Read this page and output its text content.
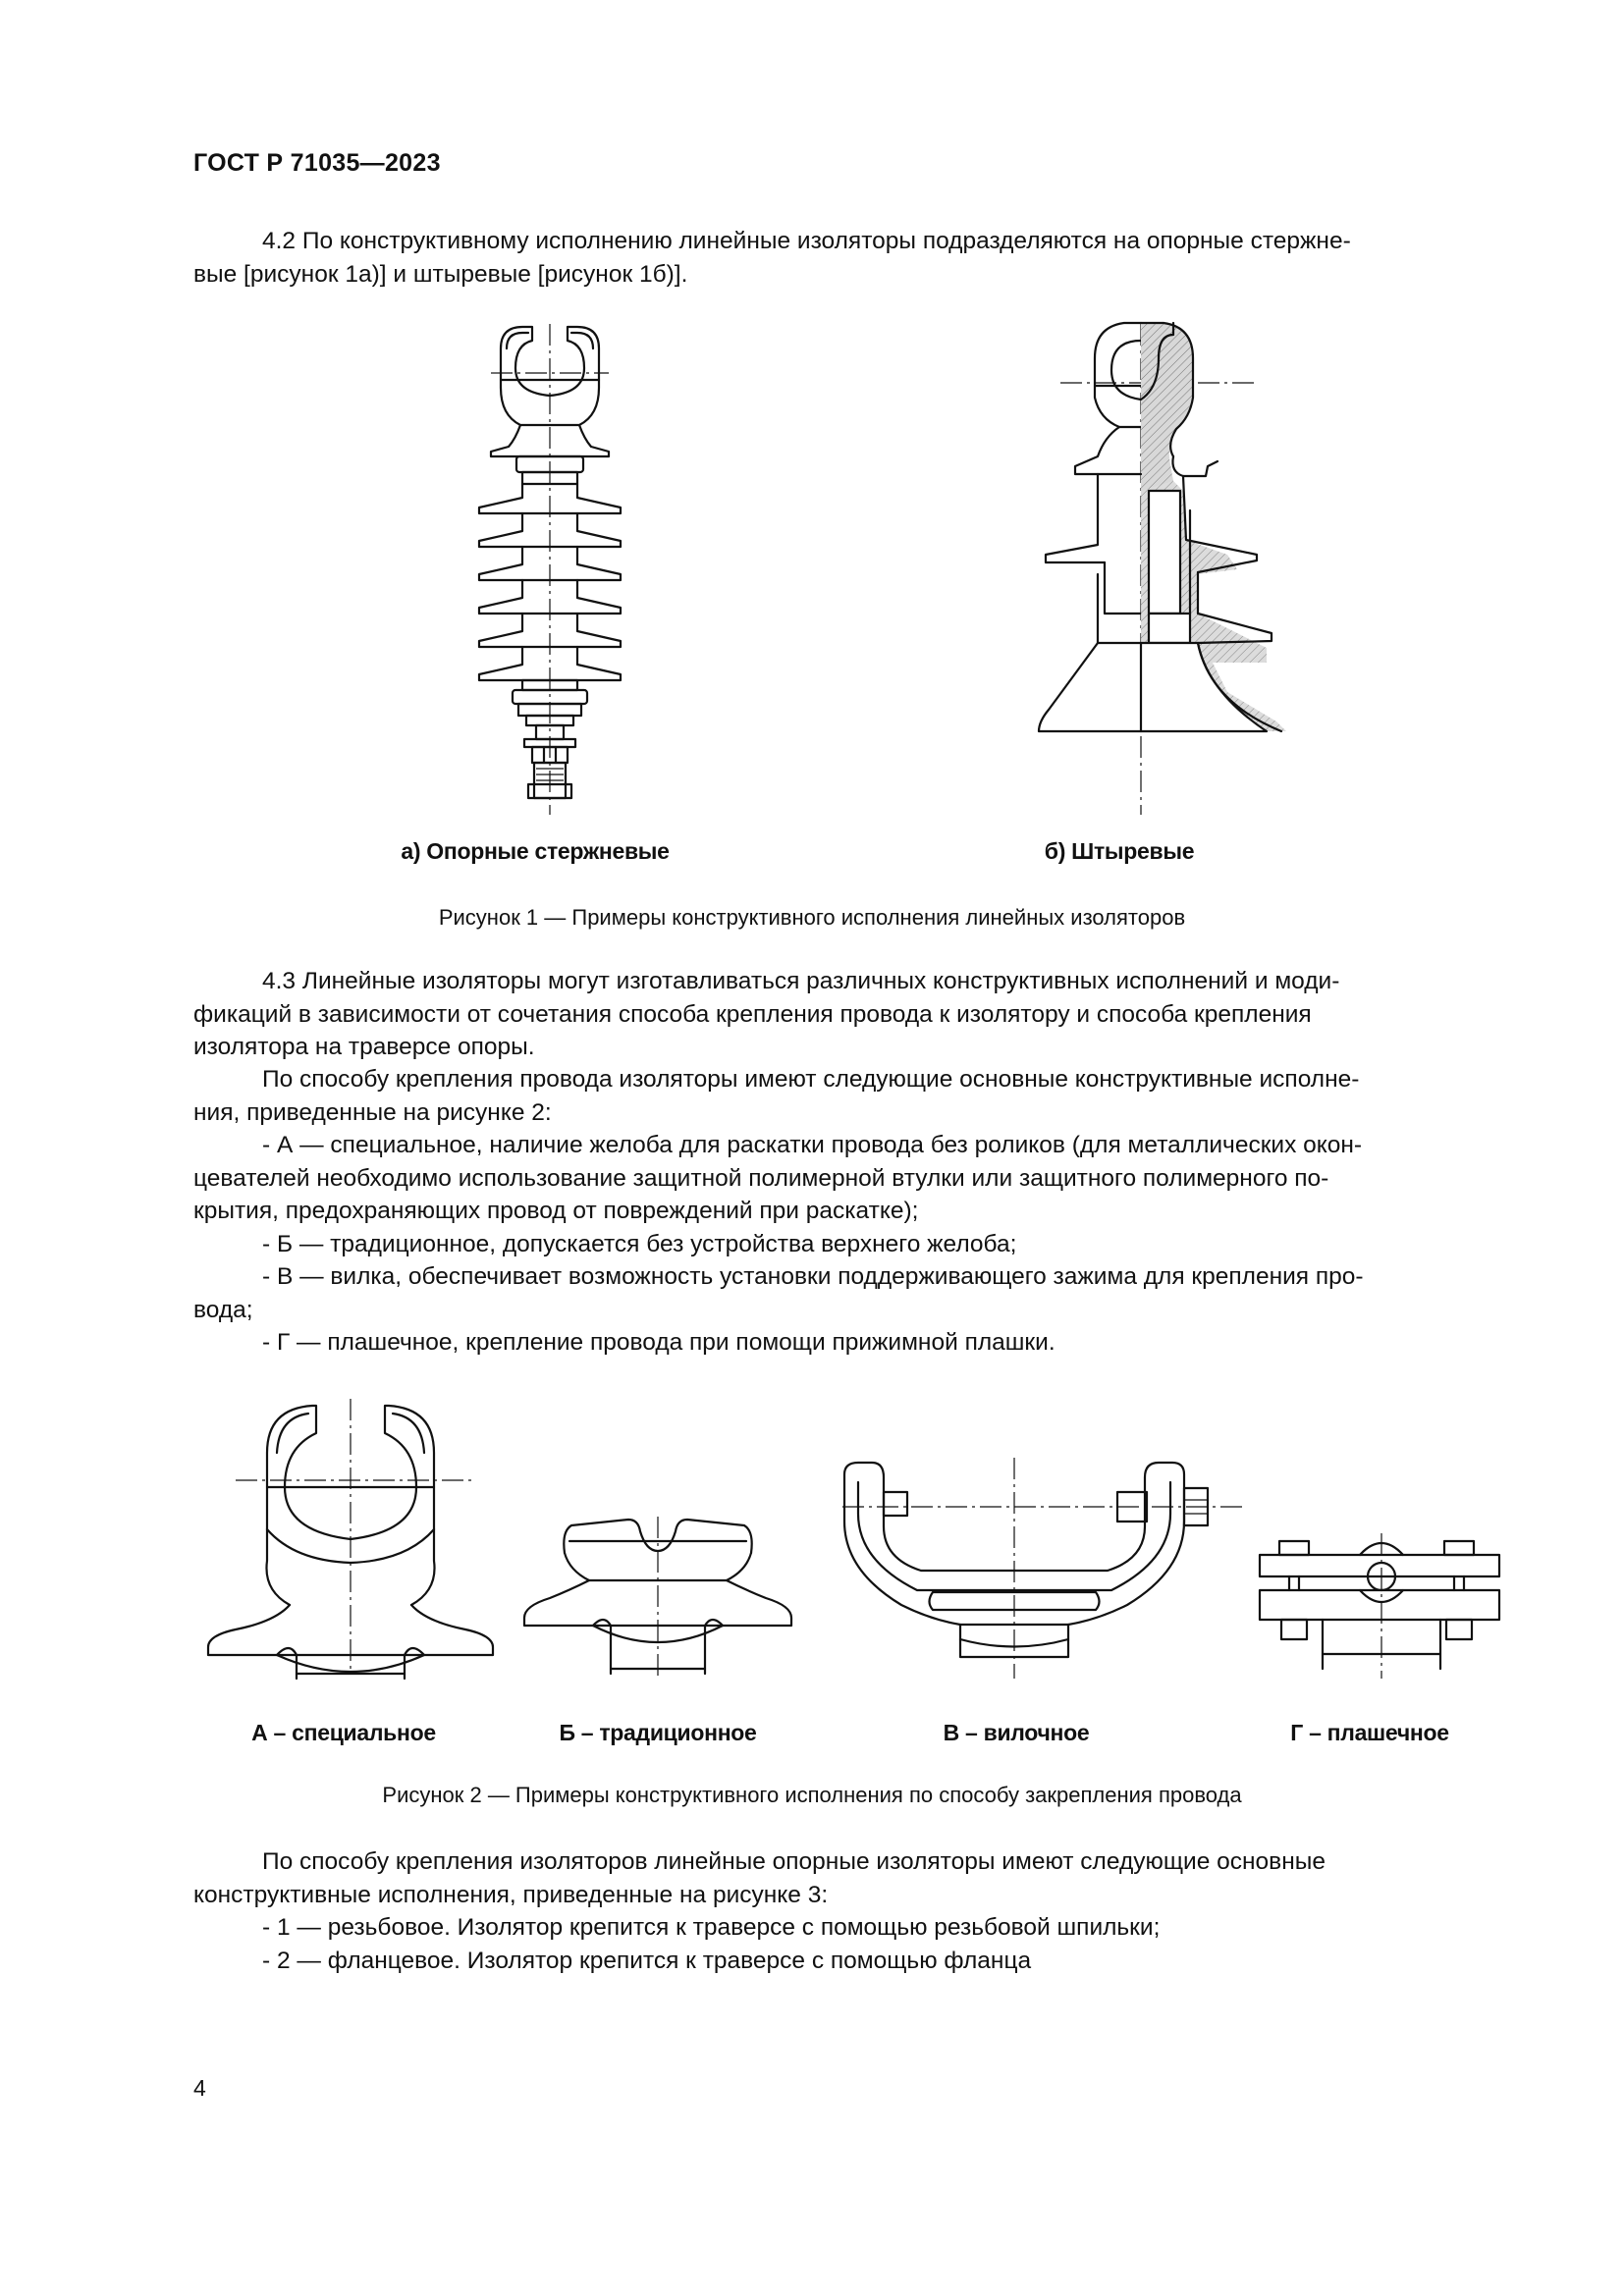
ГОСТ Р 71035—2023
4.2 По конструктивному исполнению линейные изоляторы подразделяются на опорные стержне-
вые [рисунок 1а)] и штыревые [рисунок 1б)].
а) Опорные стержневые	б) Штыревые
Рисунок 1 — Примеры конструктивного исполнения линейных изоляторов
4.3 Линейные изоляторы могут изготавливаться различных конструктивных исполнений и моди-
фикаций в зависимости от сочетания способа крепления провода к изолятору и способа крепления
изолятора на траверсе опоры.
По способу крепления провода изоляторы имеют следующие основные конструктивные исполне-
ния, приведенные на рисунке 2:
- А — специальное, наличие желоба для раскатки провода без роликов (для металлических окон-
цевателей необходимо использование защитной полимерной втулки или защитного полимерного по-
крытия, предохраняющих провод от повреждений при раскатке);
- Б — традиционное, допускается без устройства верхнего желоба;
- В — вилка, обеспечивает возможность установки поддерживающего зажима для крепления про-
вода;
- Г — плашечное, крепление провода при помощи прижимной плашки.
А – специальное	Б – традиционное	В – вилочное	Г – плашечное
Рисунок 2 — Примеры конструктивного исполнения по способу закрепления провода
По способу крепления изоляторов линейные опорные изоляторы имеют следующие основные
конструктивные исполнения, приведенные на рисунке 3:
- 1 — резьбовое. Изолятор крепится к траверсе с помощью резьбовой шпильки;
- 2 — фланцевое. Изолятор крепится к траверсе с помощью фланца
4
